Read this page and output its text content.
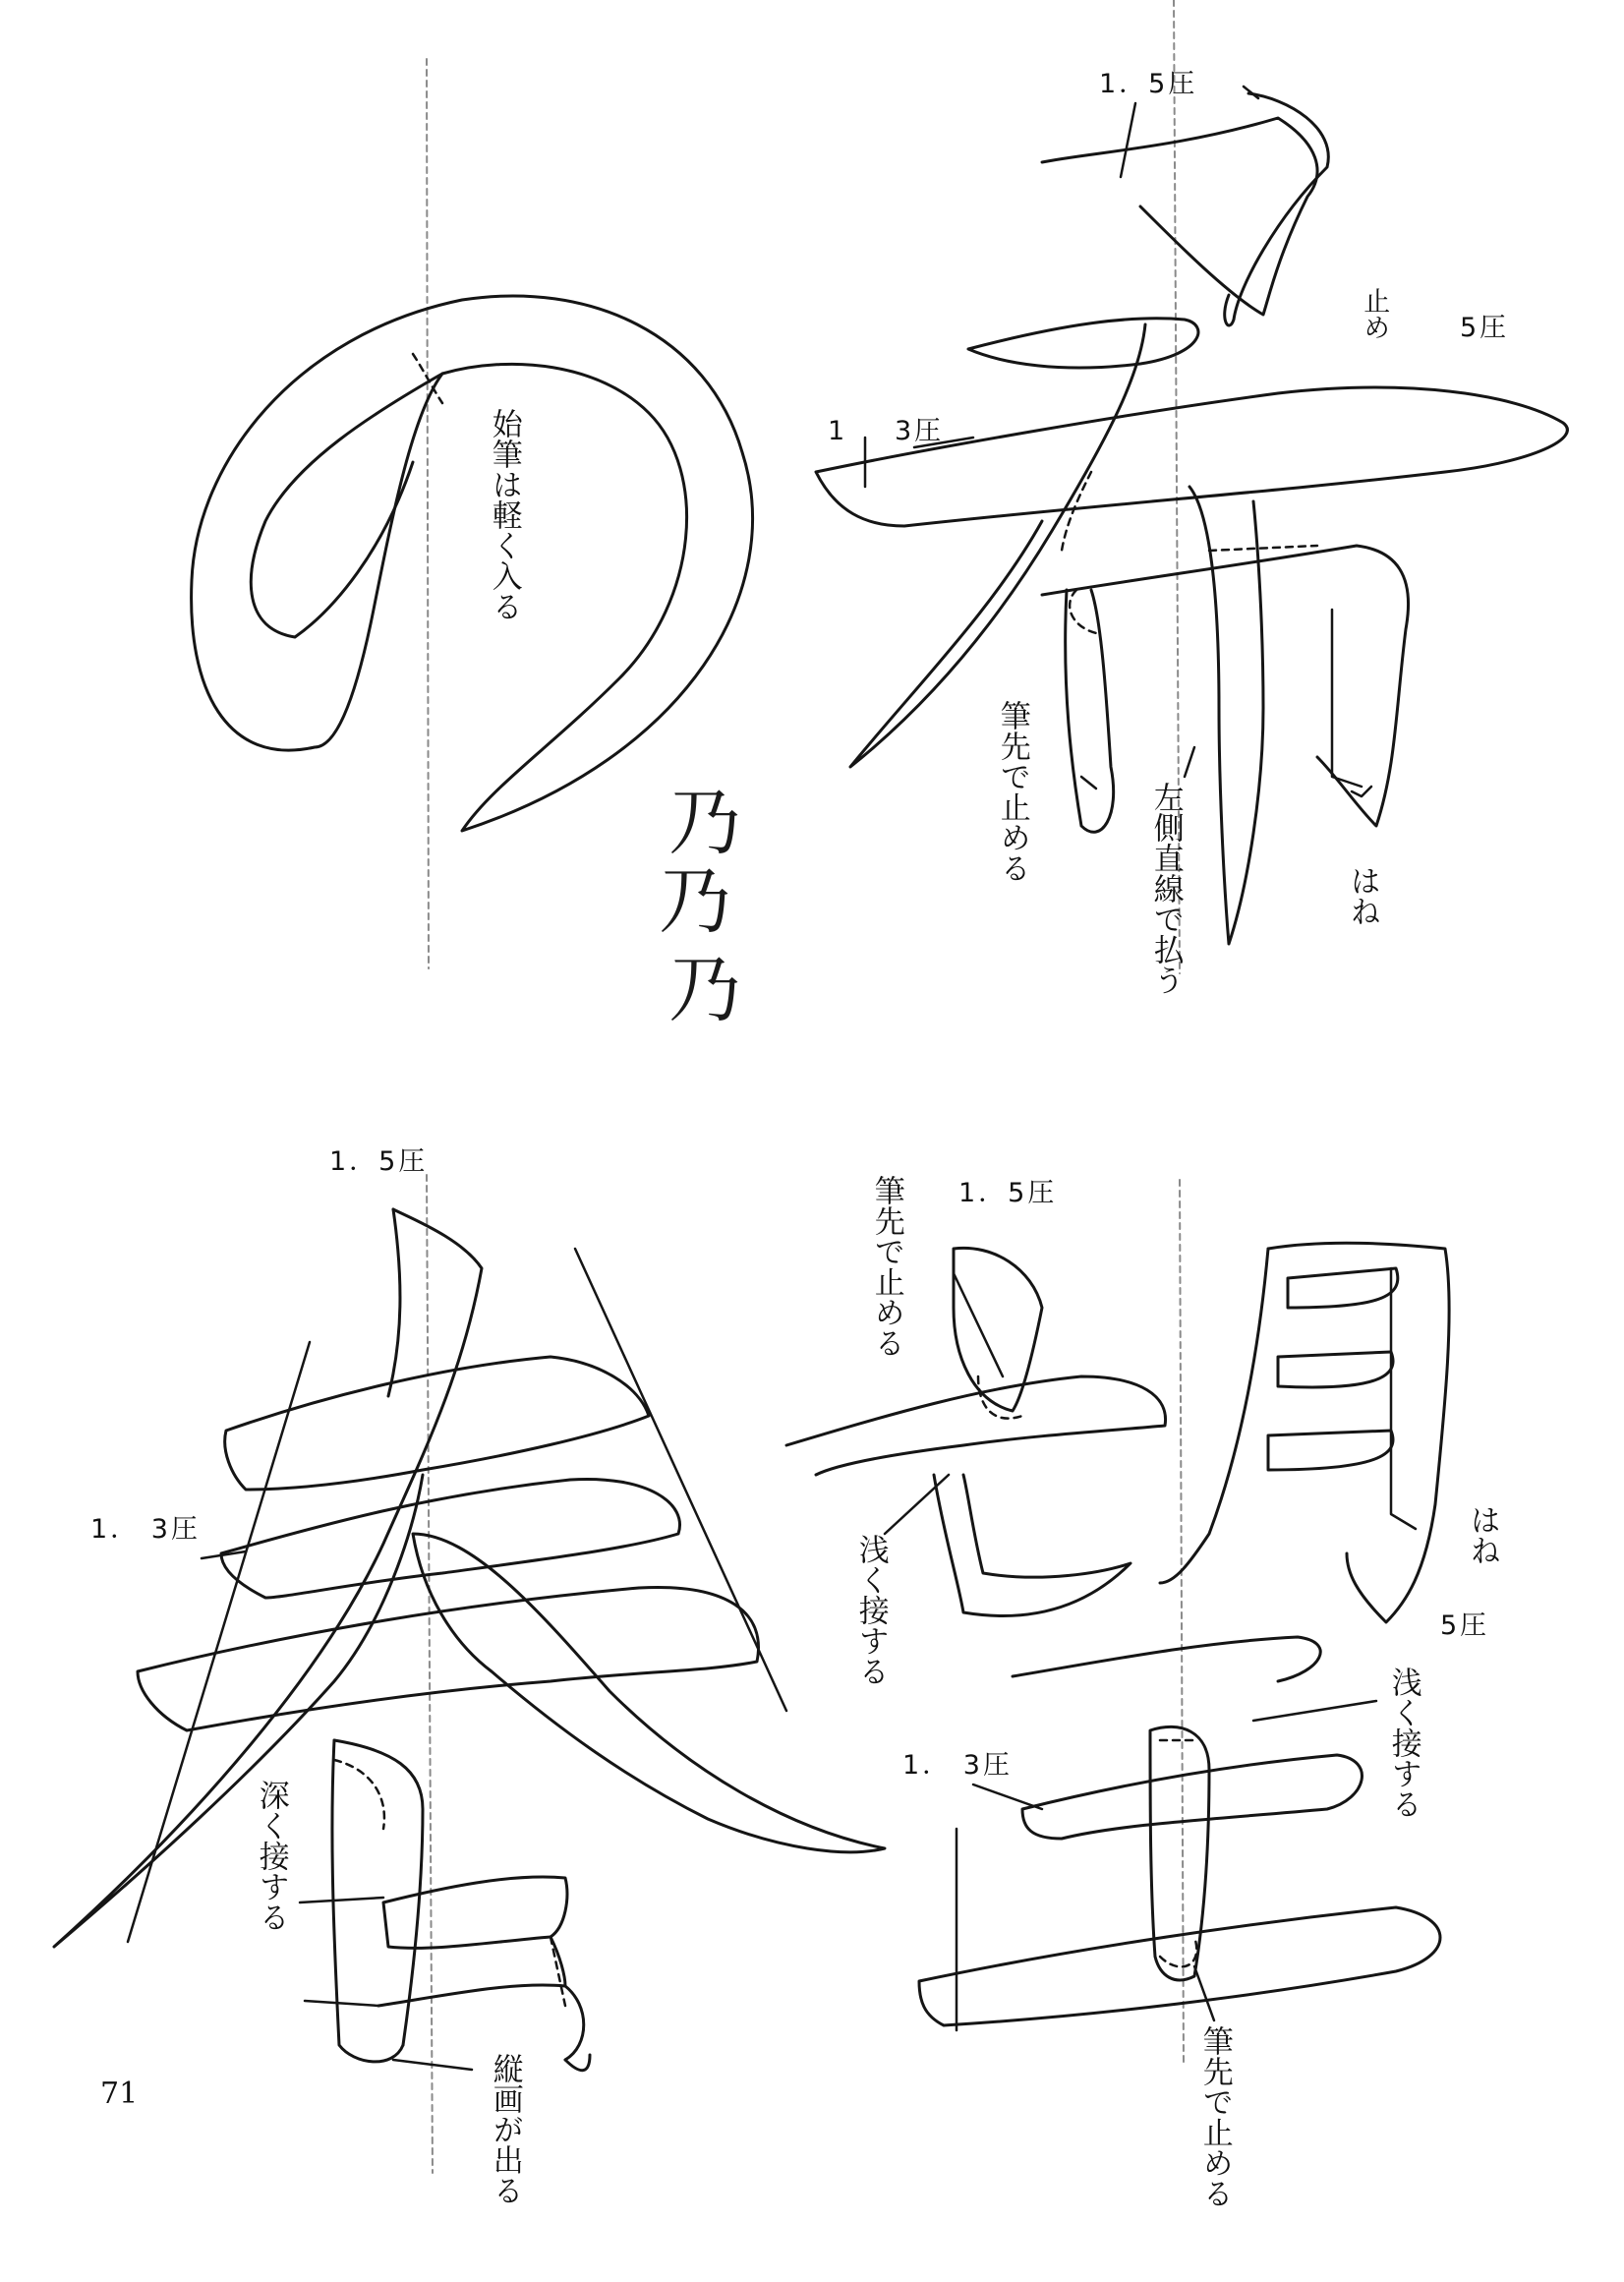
始筆は軽く入る
乃
乃
乃
1．5圧
止め	5圧
1 3圧
筆先で止める	左側直線で払う	はね
1．5圧
1． 3圧
深く接する
縦画が出る
1．5圧
筆先で止める
浅く接する	はね
5圧
浅く接する
1． 3圧
筆先で止める
71
